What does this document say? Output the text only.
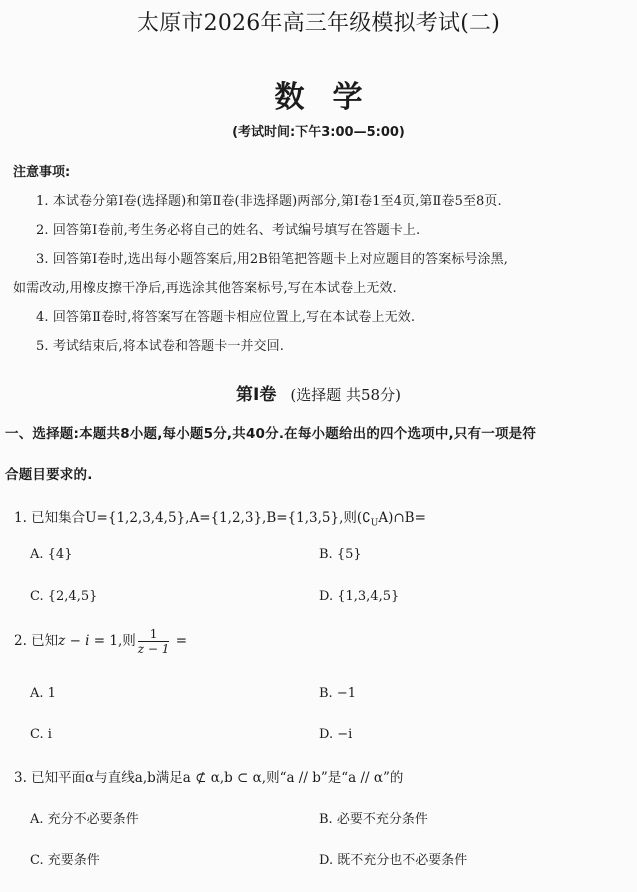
太原市2026年高三年级模拟考试(二)
数学
(考试时间:下午3:00—5:00)
注意事项:
1. 本试卷分第Ⅰ卷(选择题)和第Ⅱ卷(非选择题)两部分,第Ⅰ卷1至4页,第Ⅱ卷5至8页.
2. 回答第Ⅰ卷前,考生务必将自己的姓名、考试编号填写在答题卡上.
3. 回答第Ⅰ卷时,选出每小题答案后,用2B铅笔把答题卡上对应题目的答案标号涂黑,
如需改动,用橡皮擦干净后,再选涂其他答案标号,写在本试卷上无效.
4. 回答第Ⅱ卷时,将答案写在答题卡相应位置上,写在本试卷上无效.
5. 考试结束后,将本试卷和答题卡一并交回.
第Ⅰ卷 (选择题 共58分)
一、选择题:本题共8小题,每小题5分,共40分.在每小题给出的四个选项中,只有一项是符
合题目要求的.
1. 已知集合U={1,2,3,4,5},A={1,2,3},B={1,3,5},则$(∁_UA)\cap B=$
A. {4}	B. {5}
C. {2,4,5}	D. {1,3,4,5}
2. 已知z − i = 1,则 $\frac{1}{z - 1}$ =
A. 1	B. −1
C. i	D. −i
3. 已知平面α与直线a,b满足a ⊄ α,b ⊂ α,则“a // b”是“a // α”的
A. 充分不必要条件	B. 必要不充分条件
C. 充要条件	D. 既不充分也不必要条件
